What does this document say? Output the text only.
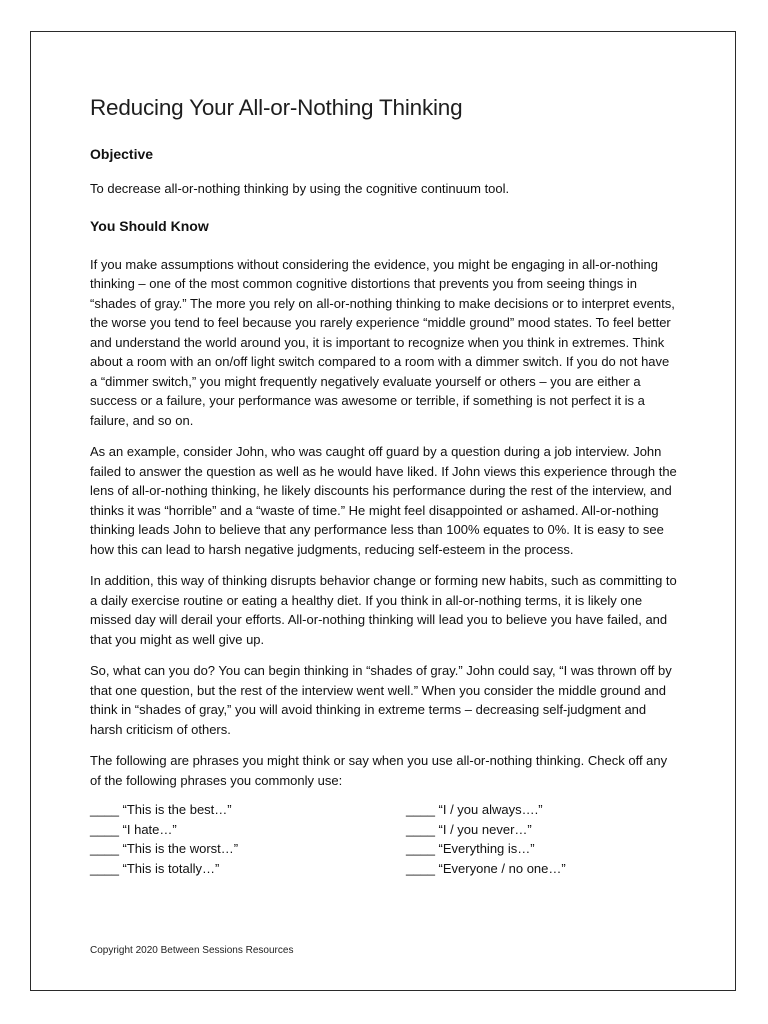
Reducing Your All-or-Nothing Thinking
Objective

To decrease all-or-nothing thinking by using the cognitive continuum tool.

You Should Know

If you make assumptions without considering the evidence, you might be engaging in all-or-nothing thinking – one of the most common cognitive distortions that prevents you from seeing things in “shades of gray.” The more you rely on all-or-nothing thinking to make decisions or to interpret events, the worse you tend to feel because you rarely experience “middle ground” mood states. To feel better and understand the world around you, it is important to recognize when you think in extremes. Think about a room with an on/off light switch compared to a room with a dimmer switch. If you do not have a “dimmer switch,” you might frequently negatively evaluate yourself or others – you are either a success or a failure, your performance was awesome or terrible, if something is not perfect it is a failure, and so on.

As an example, consider John, who was caught off guard by a question during a job interview. John failed to answer the question as well as he would have liked. If John views this experience through the lens of all-or-nothing thinking, he likely discounts his performance during the rest of the interview, and thinks it was “horrible” and a “waste of time.” He might feel disappointed or ashamed. All-or-nothing thinking leads John to believe that any performance less than 100% equates to 0%. It is easy to see how this can lead to harsh negative judgments, reducing self-esteem in the process.

In addition, this way of thinking disrupts behavior change or forming new habits, such as committing to a daily exercise routine or eating a healthy diet. If you think in all-or-nothing terms, it is likely one missed day will derail your efforts. All-or-nothing thinking will lead you to believe you have failed, and that you might as well give up.

So, what can you do? You can begin thinking in “shades of gray.” John could say, “I was thrown off by that one question, but the rest of the interview went well.” When you consider the middle ground and think in “shades of gray,” you will avoid thinking in extreme terms – decreasing self-judgment and harsh criticism of others.

The following are phrases you might think or say when you use all-or-nothing thinking. Check off any of the following phrases you commonly use:

____ “This is the best…”
____ “I hate…”
____ “This is the worst…”
____ “This is totally…”
____ “I / you always….”
____ “I / you never…”
____ “Everything is…”
____ “Everyone / no one…”
Copyright 2020 Between Sessions Resources
